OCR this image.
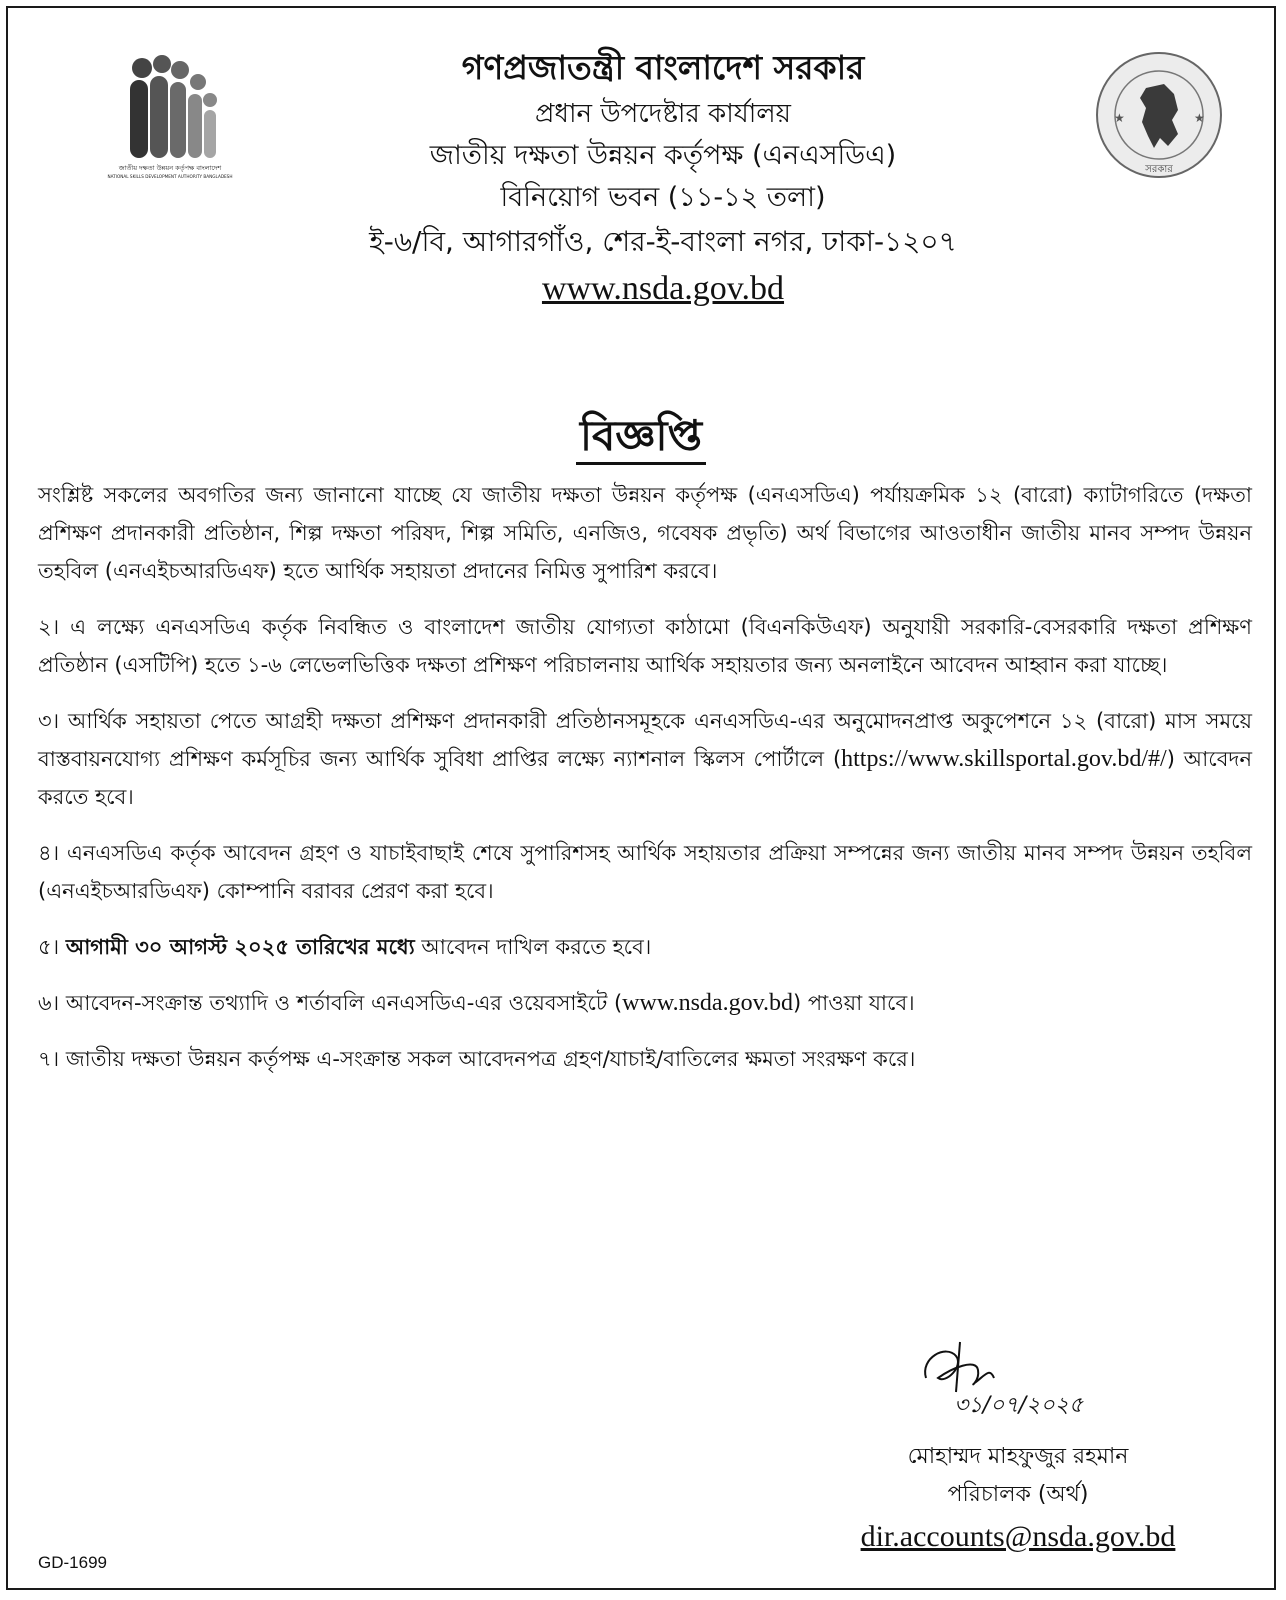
জাতীয় দক্ষতা উন্নয়ন কর্তৃপক্ষ বাংলাদেশ
NATIONAL SKILLS DEVELOPMENT AUTHORITY BANGLADESH
গণপ্রজাতন্ত্রী বাংলাদেশ সরকার
প্রধান উপদেষ্টার কার্যালয়
জাতীয় দক্ষতা উন্নয়ন কর্তৃপক্ষ (এনএসডিএ)
বিনিয়োগ ভবন (১১-১২ তলা)
ই-৬/বি, আগারগাঁও, শের-ই-বাংলা নগর, ঢাকা-১২০৭
www.nsda.gov.bd
★	★
সরকার
বিজ্ঞপ্তি

সংশ্লিষ্ট সকলের অবগতির জন্য জানানো যাচ্ছে যে জাতীয় দক্ষতা উন্নয়ন কর্তৃপক্ষ (এনএসডিএ) পর্যায়ক্রমিক ১২ (বারো) ক্যাটাগরিতে (দক্ষতা প্রশিক্ষণ প্রদানকারী প্রতিষ্ঠান, শিল্প দক্ষতা পরিষদ, শিল্প সমিতি, এনজিও, গবেষক প্রভৃতি) অর্থ বিভাগের আওতাধীন জাতীয় মানব সম্পদ উন্নয়ন তহবিল (এনএইচআরডিএফ) হতে আর্থিক সহায়তা প্রদানের নিমিত্ত সুপারিশ করবে।

২। এ লক্ষ্যে এনএসডিএ কর্তৃক নিবন্ধিত ও বাংলাদেশ জাতীয় যোগ্যতা কাঠামো (বিএনকিউএফ) অনুযায়ী সরকারি-বেসরকারি দক্ষতা প্রশিক্ষণ প্রতিষ্ঠান (এসটিপি) হতে ১-৬ লেভেলভিত্তিক দক্ষতা প্রশিক্ষণ পরিচালনায় আর্থিক সহায়তার জন্য অনলাইনে আবেদন আহ্বান করা যাচ্ছে।

৩। আর্থিক সহায়তা পেতে আগ্রহী দক্ষতা প্রশিক্ষণ প্রদানকারী প্রতিষ্ঠানসমূহকে এনএসডিএ-এর অনুমোদনপ্রাপ্ত অকুপেশনে ১২ (বারো) মাস সময়ে বাস্তবায়নযোগ্য প্রশিক্ষণ কর্মসূচির জন্য আর্থিক সুবিধা প্রাপ্তির লক্ষ্যে ন্যাশনাল স্কিলস পোর্টালে (https://www.skillsportal.gov.bd/#/) আবেদন করতে হবে।

৪। এনএসডিএ কর্তৃক আবেদন গ্রহণ ও যাচাইবাছাই শেষে সুপারিশসহ আর্থিক সহায়তার প্রক্রিয়া সম্পন্নের জন্য জাতীয় মানব সম্পদ উন্নয়ন তহবিল (এনএইচআরডিএফ) কোম্পানি বরাবর প্রেরণ করা হবে।

৫। আগামী ৩০ আগস্ট ২০২৫ তারিখের মধ্যে আবেদন দাখিল করতে হবে।

৬। আবেদন-সংক্রান্ত তথ্যাদি ও শর্তাবলি এনএসডিএ-এর ওয়েবসাইটে (www.nsda.gov.bd) পাওয়া যাবে।

৭। জাতীয় দক্ষতা উন্নয়ন কর্তৃপক্ষ এ-সংক্রান্ত সকল আবেদনপত্র গ্রহণ/যাচাই/বাতিলের ক্ষমতা সংরক্ষণ করে।

৩১/০৭/২০২৫
মোহাম্মদ মাহফুজুর রহমান
পরিচালক (অর্থ)
dir.accounts@nsda.gov.bd
GD-1699
